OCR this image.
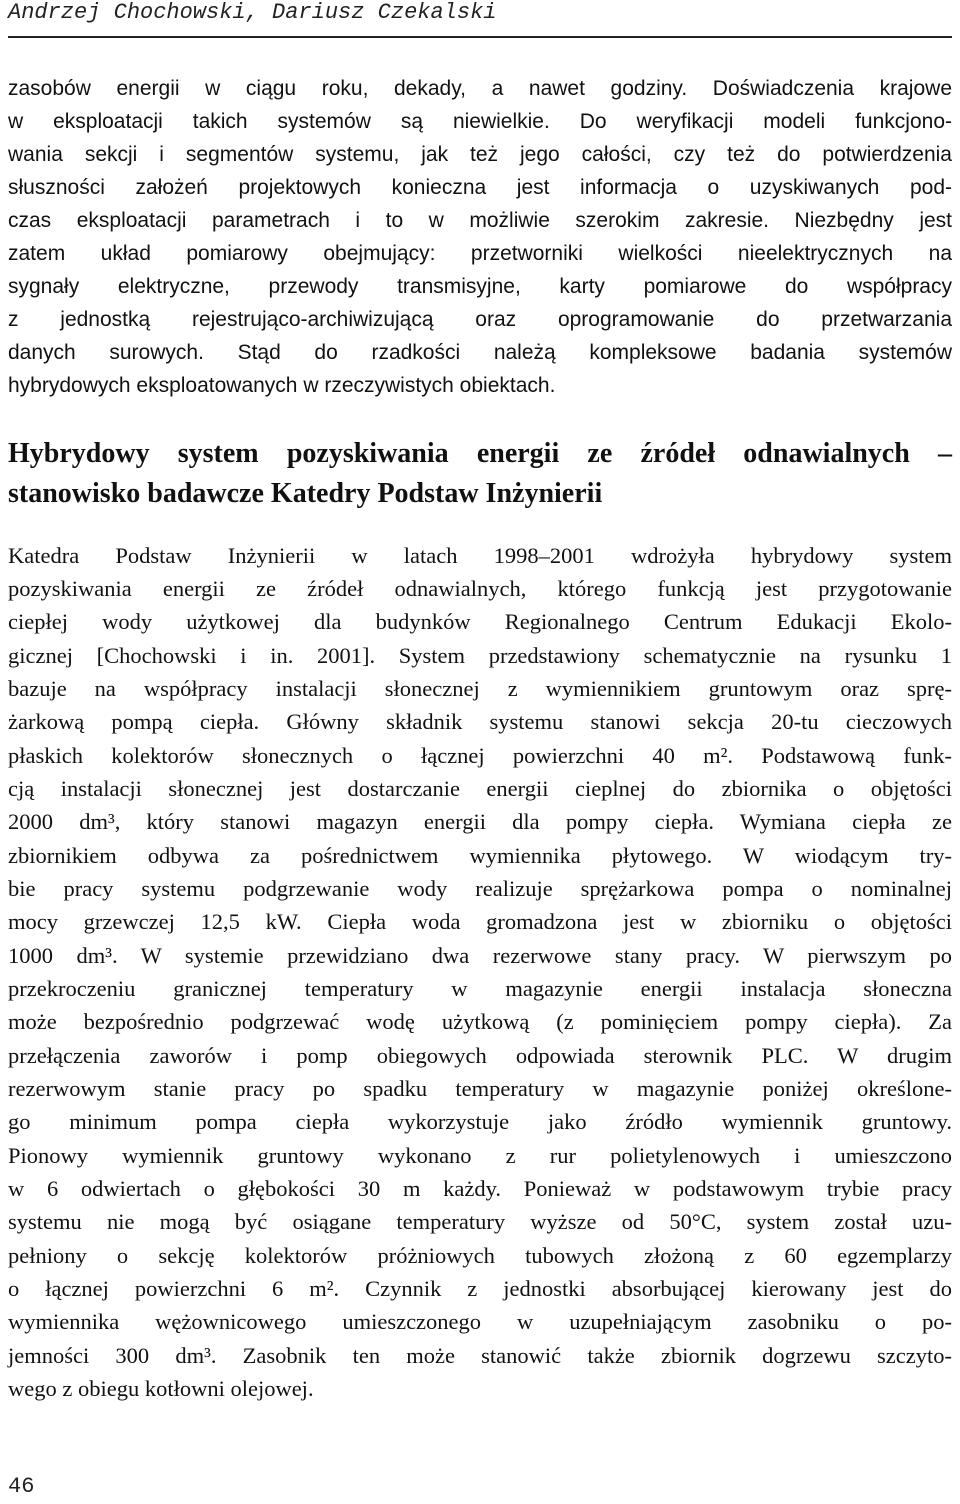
Andrzej Chochowski, Dariusz Czekalski
zasobów energii w ciągu roku, dekady, a nawet godziny. Doświadczenia krajowe
w eksploatacji takich systemów są niewielkie. Do weryfikacji modeli funkcjono-
wania sekcji i segmentów systemu, jak też jego całości, czy też do potwierdzenia
słuszności założeń projektowych konieczna jest informacja o uzyskiwanych pod-
czas eksploatacji parametrach i to w możliwie szerokim zakresie. Niezbędny jest
zatem układ pomiarowy obejmujący: przetworniki wielkości nieelektrycznych na
sygnały elektryczne, przewody transmisyjne, karty pomiarowe do współpracy
z jednostką rejestrująco-archiwizującą oraz oprogramowanie do przetwarzania
danych surowych. Stąd do rzadkości należą kompleksowe badania systemów
hybrydowych eksploatowanych w rzeczywistych obiektach.
Hybrydowy system pozyskiwania energii ze źródeł odnawialnych –
stanowisko badawcze Katedry Podstaw Inżynierii
Katedra Podstaw Inżynierii w latach 1998–2001 wdrożyła hybrydowy system
pozyskiwania energii ze źródeł odnawialnych, którego funkcją jest przygotowanie
ciepłej wody użytkowej dla budynków Regionalnego Centrum Edukacji Ekolo-
gicznej [Chochowski i in. 2001]. System przedstawiony schematycznie na rysunku 1
bazuje na współpracy instalacji słonecznej z wymiennikiem gruntowym oraz sprę-
żarkową pompą ciepła. Główny składnik systemu stanowi sekcja 20-tu cieczowych
płaskich kolektorów słonecznych o łącznej powierzchni 40 m². Podstawową funk-
cją instalacji słonecznej jest dostarczanie energii cieplnej do zbiornika o objętości
2000 dm³, który stanowi magazyn energii dla pompy ciepła. Wymiana ciepła ze
zbiornikiem odbywa za pośrednictwem wymiennika płytowego. W wiodącym try-
bie pracy systemu podgrzewanie wody realizuje sprężarkowa pompa o nominalnej
mocy grzewczej 12,5 kW. Ciepła woda gromadzona jest w zbiorniku o objętości
1000 dm³. W systemie przewidziano dwa rezerwowe stany pracy. W pierwszym po
przekroczeniu granicznej temperatury w magazynie energii instalacja słoneczna
może bezpośrednio podgrzewać wodę użytkową (z pominięciem pompy ciepła). Za
przełączenia zaworów i pomp obiegowych odpowiada sterownik PLC. W drugim
rezerwowym stanie pracy po spadku temperatury w magazynie poniżej określone-
go minimum pompa ciepła wykorzystuje jako źródło wymiennik gruntowy.
Pionowy wymiennik gruntowy wykonano z rur polietylenowych i umieszczono
w 6 odwiertach o głębokości 30 m każdy. Ponieważ w podstawowym trybie pracy
systemu nie mogą być osiągane temperatury wyższe od 50°C, system został uzu-
pełniony o sekcję kolektorów próżniowych tubowych złożoną z 60 egzemplarzy
o łącznej powierzchni 6 m². Czynnik z jednostki absorbującej kierowany jest do
wymiennika wężownicowego umieszczonego w uzupełniającym zasobniku o po-
jemności 300 dm³. Zasobnik ten może stanowić także zbiornik dogrzewu szczyto-
wego z obiegu kotłowni olejowej.
46
